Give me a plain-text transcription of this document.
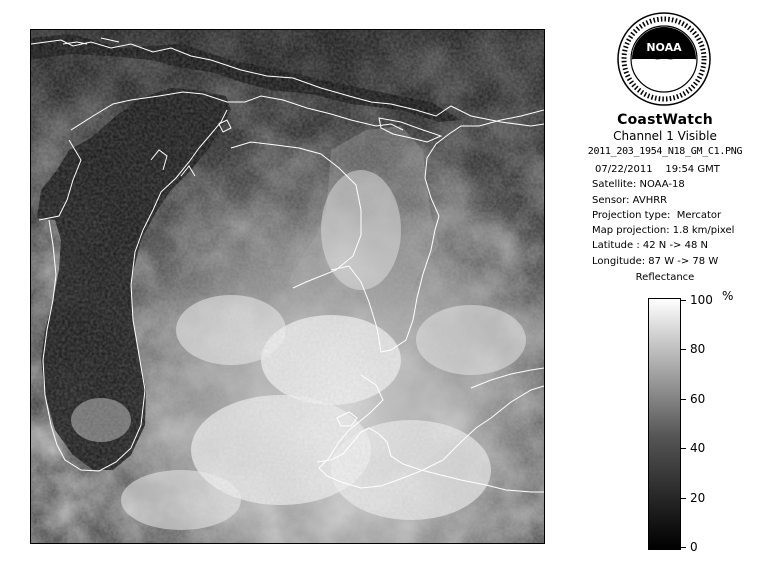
NOAA
CoastWatch
Channel 1 Visible
2011_203_1954_N18_GM_C1.PNG
07/22/2011    19:54 GMT
Satellite: NOAA-18
Sensor: AVHRR
Projection type:  Mercator
Map projection: 1.8 km/pixel
Latitude : 42 N -> 48 N
Longitude: 87 W -> 78 W
Reflectance
%
100
80
60
40
20
0
